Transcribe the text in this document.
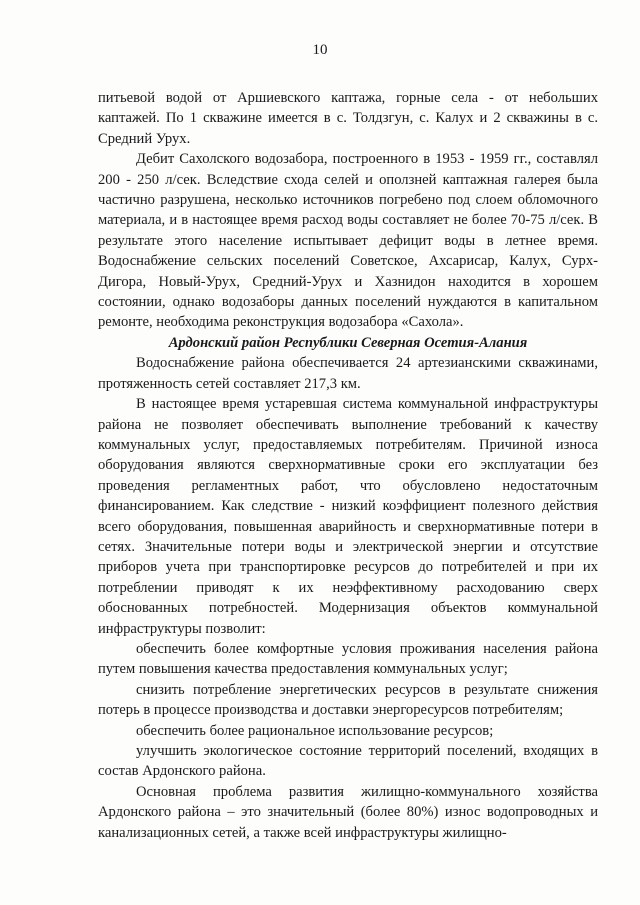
10

питьевой водой от Аршиевского каптажа, горные села - от небольших каптажей. По 1 скважине имеется в с. Толдзгун, с. Калух и 2 скважины в с. Средний Урух.

Дебит Сахолского водозабора, построенного в 1953 - 1959 гг., составлял 200 - 250 л/сек. Вследствие схода селей и оползней каптажная галерея была частично разрушена, несколько источников погребено под слоем обломочного материала, и в настоящее время расход воды составляет не более 70-75 л/сек. В результате этого население испытывает дефицит воды в летнее время. Водоснабжение сельских поселений Советское, Ахсарисар, Калух, Сурх-Дигора, Новый-Урух, Средний-Урух и Хазнидон находится в хорошем состоянии, однако водозаборы данных поселений нуждаются в капитальном ремонте, необходима реконструкция водозабора «Сахола».

Ардонский район Республики Северная Осетия-Алания

Водоснабжение района обеспечивается 24 артезианскими скважинами, протяженность сетей составляет 217,3 км.

В настоящее время устаревшая система коммунальной инфраструктуры района не позволяет обеспечивать выполнение требований к качеству коммунальных услуг, предоставляемых потребителям. Причиной износа оборудования являются сверхнормативные сроки его эксплуатации без проведения регламентных работ, что обусловлено недостаточным финансированием. Как следствие - низкий коэффициент полезного действия всего оборудования, повышенная аварийность и сверхнормативные потери в сетях. Значительные потери воды и электрической энергии и отсутствие приборов учета при транспортировке ресурсов до потребителей и при их потреблении приводят к их неэффективному расходованию сверх обоснованных потребностей. Модернизация объектов коммунальной инфраструктуры позволит:

обеспечить более комфортные условия проживания населения района путем повышения качества предоставления коммунальных услуг;

снизить потребление энергетических ресурсов в результате снижения потерь в процессе производства и доставки энергоресурсов потребителям;

обеспечить более рациональное использование ресурсов;

улучшить экологическое состояние территорий поселений, входящих в состав Ардонского района.

Основная проблема развития жилищно-коммунального хозяйства Ардонского района – это значительный (более 80%) износ водопроводных и канализационных сетей, а также всей инфраструктуры жилищно-
